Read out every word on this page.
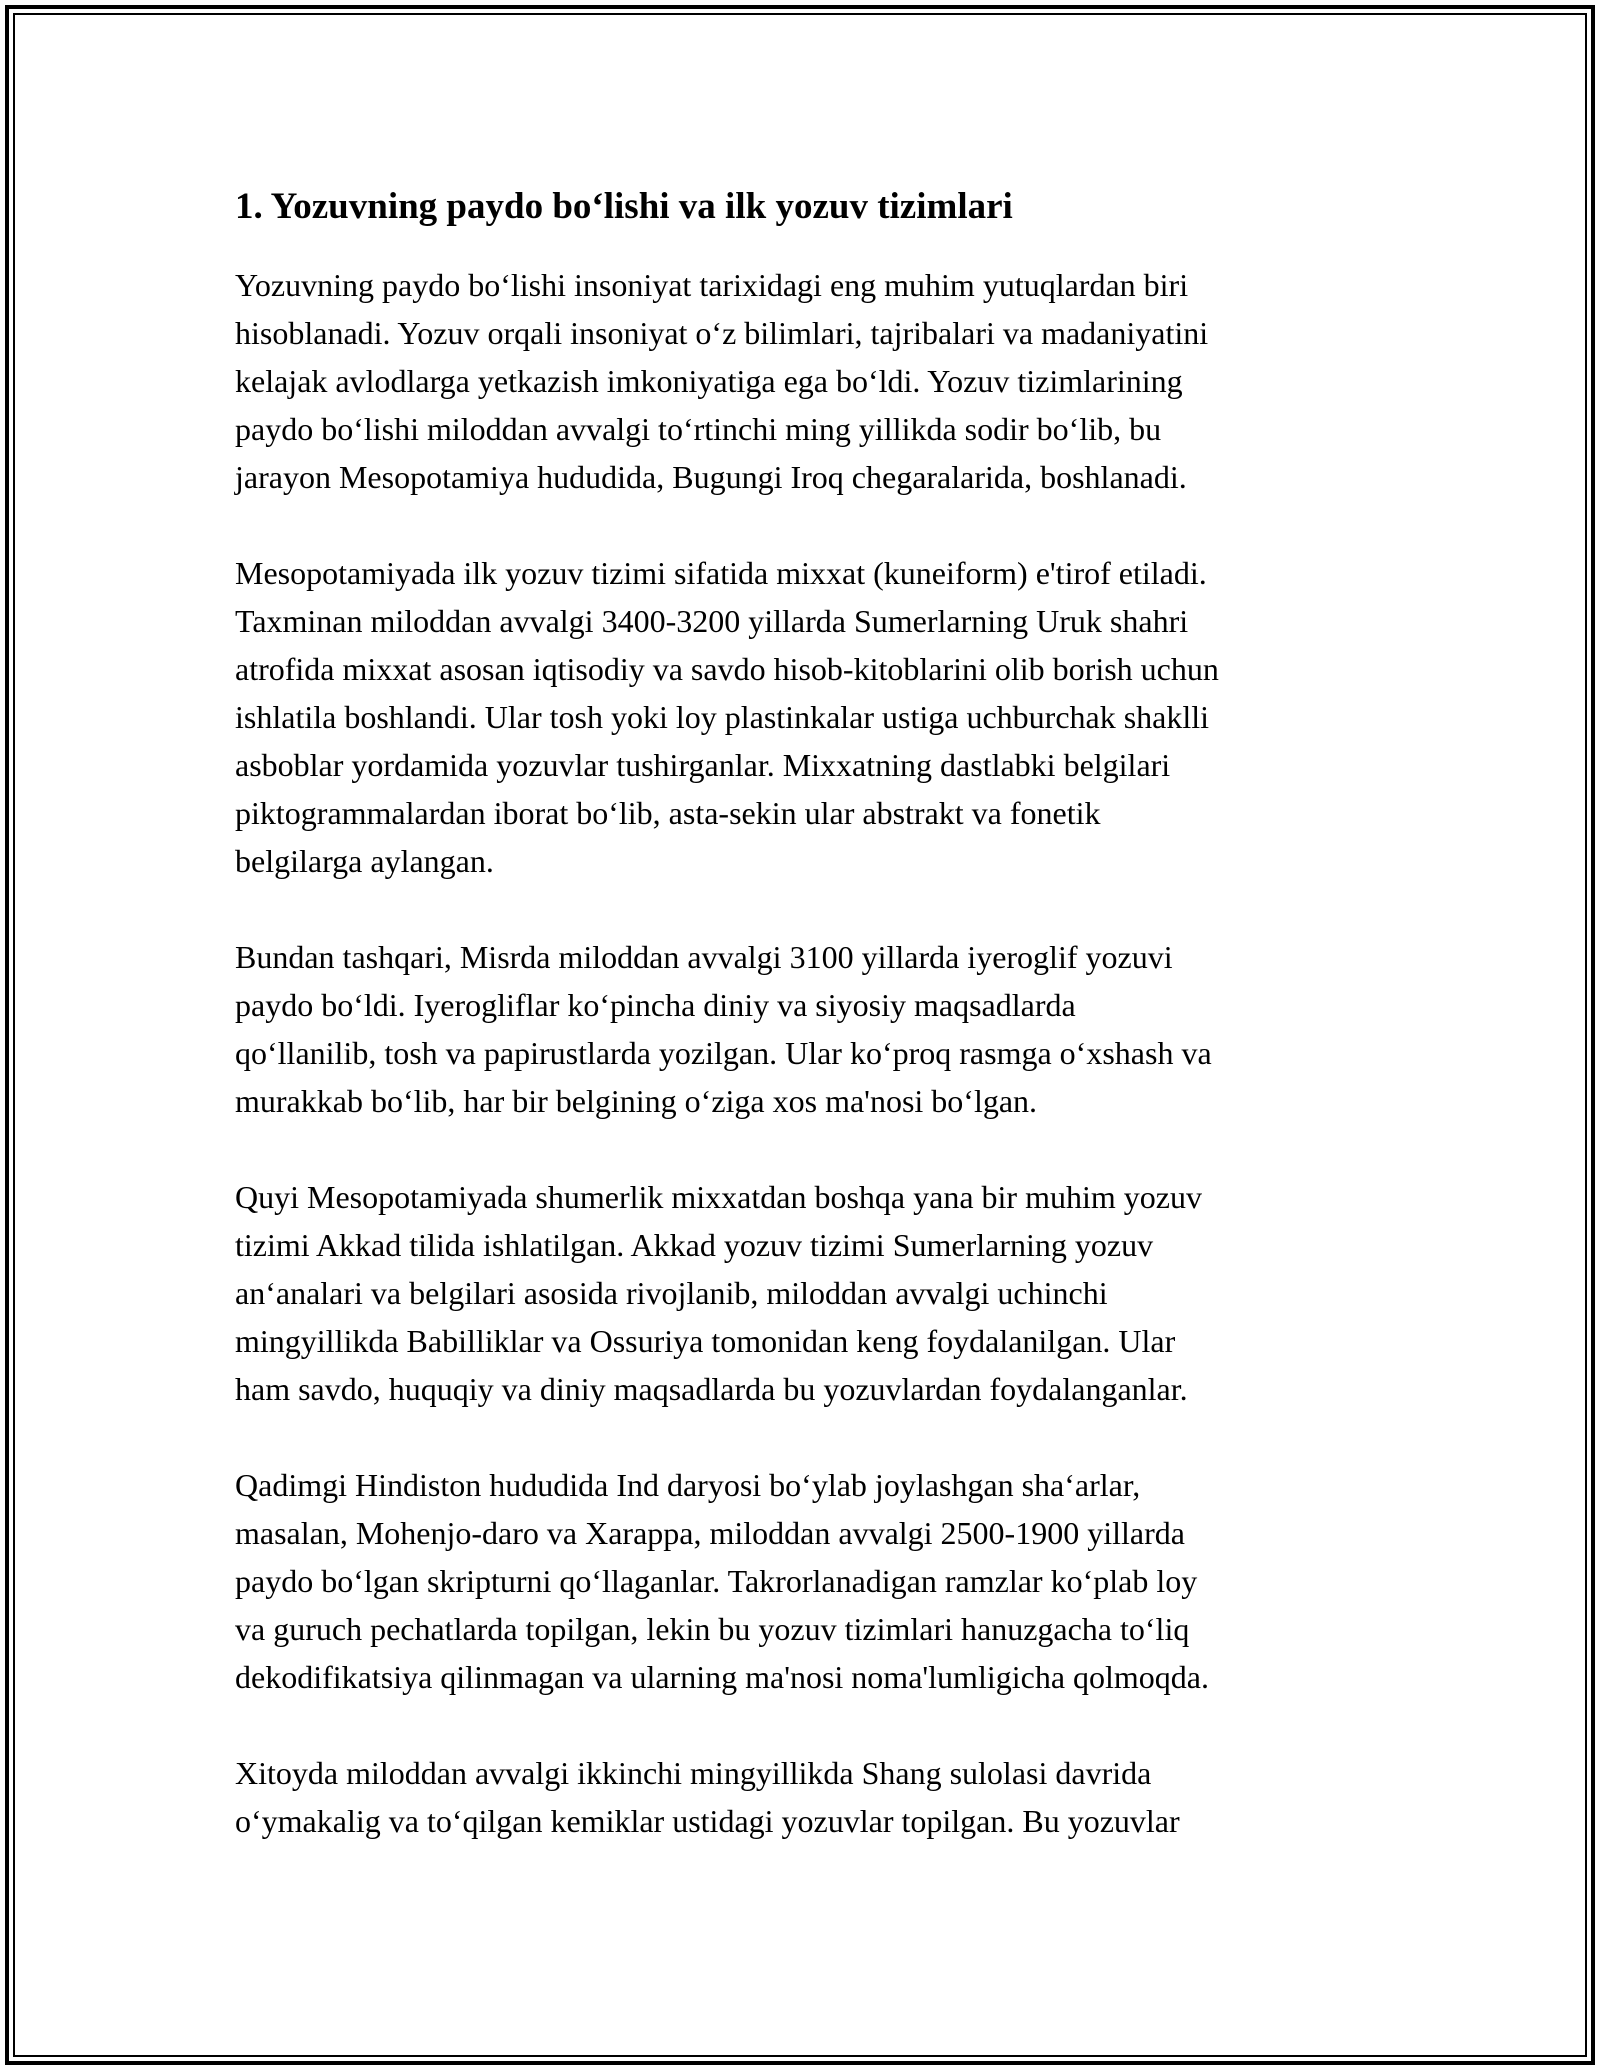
1. Yozuvning paydo bo‘lishi va ilk yozuv tizimlari

Yozuvning paydo bo‘lishi insoniyat tarixidagi eng muhim yutuqlardan biri
hisoblanadi. Yozuv orqali insoniyat o‘z bilimlari, tajribalari va madaniyatini
kelajak avlodlarga yetkazish imkoniyatiga ega bo‘ldi. Yozuv tizimlarining
paydo bo‘lishi miloddan avvalgi to‘rtinchi ming yillikda sodir bo‘lib, bu
jarayon Mesopotamiya hududida, Bugungi Iroq chegaralarida, boshlanadi.

Mesopotamiyada ilk yozuv tizimi sifatida mixxat (kuneiform) e'tirof etiladi.
Taxminan miloddan avvalgi 3400-3200 yillarda Sumerlarning Uruk shahri
atrofida mixxat asosan iqtisodiy va savdo hisob-kitoblarini olib borish uchun
ishlatila boshlandi. Ular tosh yoki loy plastinkalar ustiga uchburchak shaklli
asboblar yordamida yozuvlar tushirganlar. Mixxatning dastlabki belgilari
piktogrammalardan iborat bo‘lib, asta-sekin ular abstrakt va fonetik
belgilarga aylangan.

Bundan tashqari, Misrda miloddan avvalgi 3100 yillarda iyeroglif yozuvi
paydo bo‘ldi. Iyerogliflar ko‘pincha diniy va siyosiy maqsadlarda
qo‘llanilib, tosh va papirustlarda yozilgan. Ular ko‘proq rasmga o‘xshash va
murakkab bo‘lib, har bir belgining o‘ziga xos ma'nosi bo‘lgan.

Quyi Mesopotamiyada shumerlik mixxatdan boshqa yana bir muhim yozuv
tizimi Akkad tilida ishlatilgan. Akkad yozuv tizimi Sumerlarning yozuv
an‘analari va belgilari asosida rivojlanib, miloddan avvalgi uchinchi
mingyillikda Babilliklar va Ossuriya tomonidan keng foydalanilgan. Ular
ham savdo, huquqiy va diniy maqsadlarda bu yozuvlardan foydalanganlar.

Qadimgi Hindiston hududida Ind daryosi bo‘ylab joylashgan sha‘arlar,
masalan, Mohenjo-daro va Xarappa, miloddan avvalgi 2500-1900 yillarda
paydo bo‘lgan skripturni qo‘llaganlar. Takrorlanadigan ramzlar ko‘plab loy
va guruch pechatlarda topilgan, lekin bu yozuv tizimlari hanuzgacha to‘liq
dekodifikatsiya qilinmagan va ularning ma'nosi noma'lumligicha qolmoqda.

Xitoyda miloddan avvalgi ikkinchi mingyillikda Shang sulolasi davrida
o‘ymakalig va to‘qilgan kemiklar ustidagi yozuvlar topilgan. Bu yozuvlar
